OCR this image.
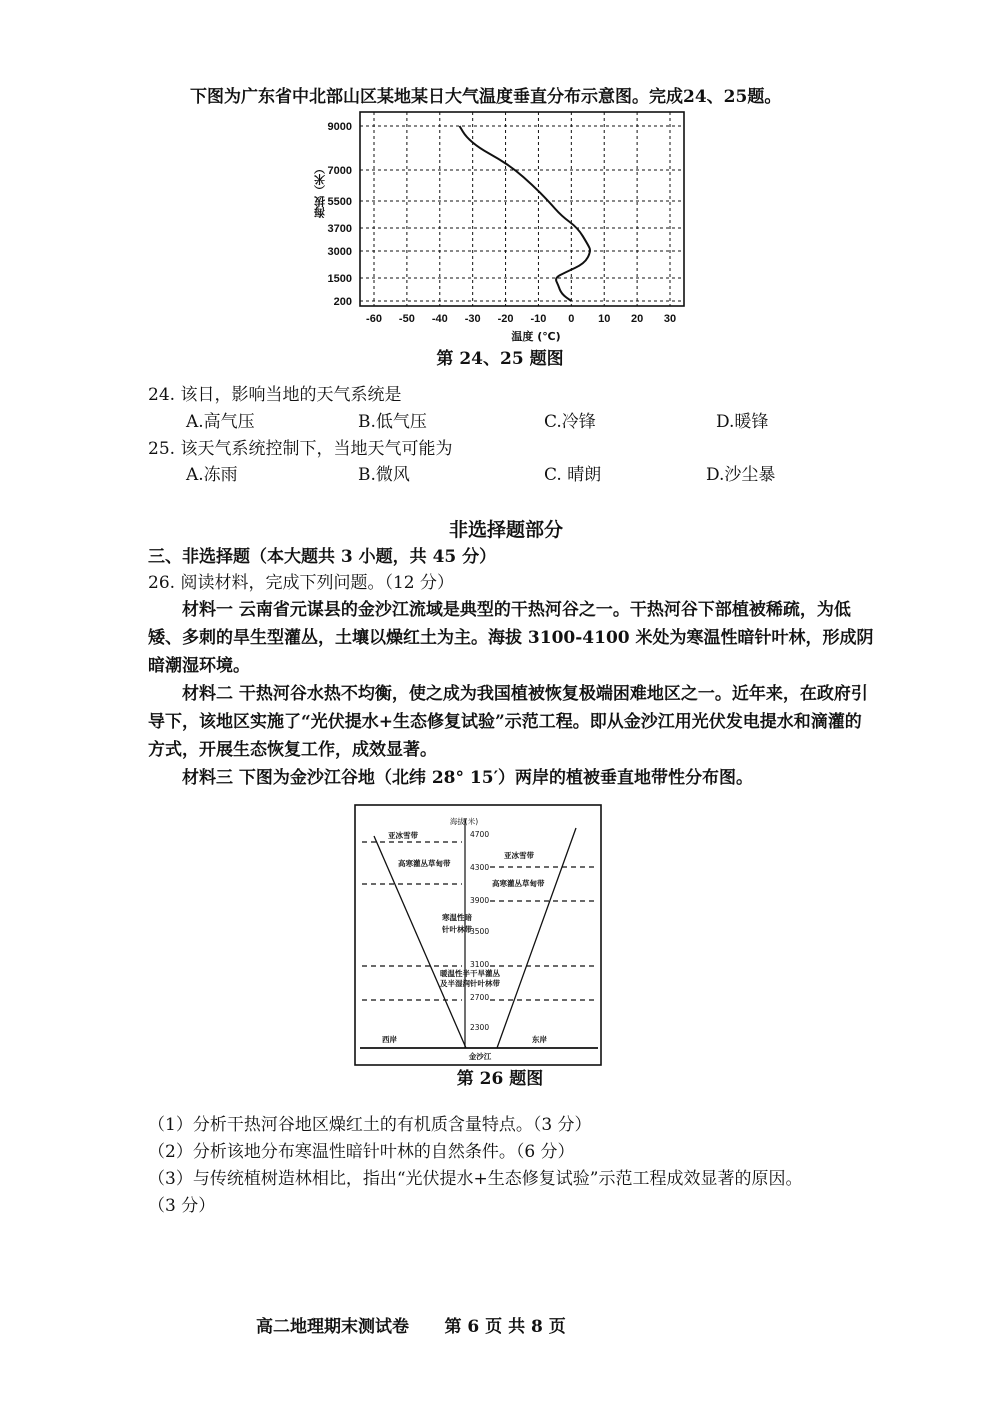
下图为广东省中北部山区某地某日大气温度垂直分布示意图。完成24、25题。
9000
7000
5500
3700
3000
1500
200
-60 -50 -40 -30 -20 -10 0 10 20 30
海拔（米）
温度 (℃)
第 24、25 题图
24. 该日，影响当地的天气系统是
A.高气压	B.低气压	C.冷锋	D.暖锋
25. 该天气系统控制下，当地天气可能为
A.冻雨	B.微风	C. 晴朗	D.沙尘暴
非选择题部分
三、非选择题（本大题共 3 小题，共 45 分）
26. 阅读材料，完成下列问题。（12 分）
材料一 云南省元谋县的金沙江流域是典型的干热河谷之一。干热河谷下部植被稀疏，为低矮、多刺的旱生型灌丛，土壤以燥红土为主。海拔 3100-4100 米处为寒温性暗针叶林，形成阴暗潮湿环境。
材料二 干热河谷水热不均衡，使之成为我国植被恢复极端困难地区之一。近年来，在政府引导下，该地区实施了“光伏提水+生态修复试验”示范工程。即从金沙江用光伏发电提水和滴灌的方式，开展生态恢复工作，成效显著。
材料三 下图为金沙江谷地（北纬 28° 15′）两岸的植被垂直地带性分布图。
海拔(米)
4700
4300
3900
3500
3100
2700
2300
亚冰雪带
高寒灌丛草甸带
寒温性暗
针叶林带
亚冰雪带
高寒灌丛草甸带
暖温性半干旱灌丛
及半湿润针叶林带
西岸	东岸
金沙江
第 26 题图
（1）分析干热河谷地区燥红土的有机质含量特点。（3 分）
（2）分析该地分布寒温性暗针叶林的自然条件。（6 分）
（3）与传统植树造林相比，指出“光伏提水+生态修复试验”示范工程成效显著的原因。
（3 分）
高二地理期末测试卷      第 6 页 共 8 页
